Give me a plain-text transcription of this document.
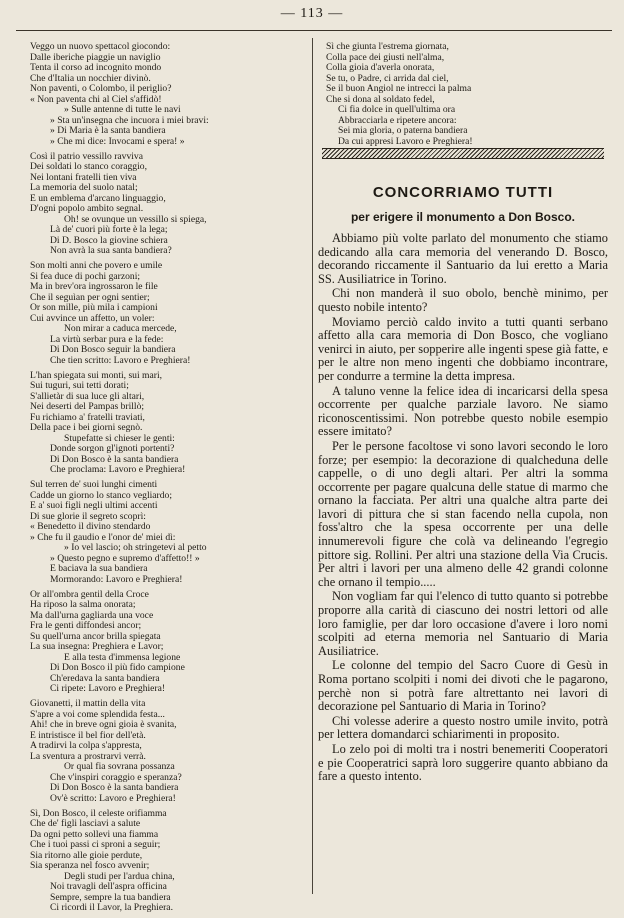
— 113 —
Veggo un nuovo spettacol giocondo:
Dalle iberiche piaggie un naviglio
Tenta il corso ad incognito mondo
Che d'Italia un nocchier divinò.
Non paventi, o Colombo, il periglio?
« Non paventa chi al Ciel s'affidò!
» Sulle antenne di tutte le navi
» Sta un'insegna che incuora i miei bravi:
» Di Maria è la santa bandiera
» Che mi dice: Invocami e spera! »
Così il patrio vessillo ravviva
Dei soldati lo stanco coraggio,
Nei lontani fratelli tien viva
La memoria del suolo natal;
È un emblema d'arcano linguaggio,
D'ogni popolo ambito segnal.
Oh! se ovunque un vessillo si spiega,
Là de' cuori più forte è la lega;
Di D. Bosco la giovine schiera
Non avrà la sua santa bandiera?
Son molti anni che povero e umile
Si fea duce di pochi garzoni;
Ma in brev'ora ingrossaron le file
Che il seguìan per ogni sentier;
Or son mille, più mila i campioni
Cui avvince un affetto, un voler:
Non mirar a caduca mercede,
La virtù serbar pura e la fede:
Di Don Bosco seguir la bandiera
Che tien scritto: Lavoro e Preghiera!
L'han spiegata sui monti, sui mari,
Sui tuguri, sui tetti dorati;
S'allietàr di sua luce gli altari,
Nei deserti del Pampas brillò;
Fu richiamo a' fratelli traviati,
Della pace i bei giorni segnò.
Stupefatte si chieser le genti:
Donde sorgon gl'ignoti portenti?
Di Don Bosco è la santa bandiera
Che proclama: Lavoro e Preghiera!
Sul terren de' suoi lunghi cimenti
Cadde un giorno lo stanco vegliardo;
E a' suoi figli negli ultimi accenti
Di sue glorie il segreto scoprì:
« Benedetto il divino stendardo
» Che fu il gaudio e l'onor de' miei dì:
» Io vel lascio; oh stringetevi al petto
» Questo pegno e supremo d'affetto!! »
E baciava la sua bandiera
Mormorando: Lavoro e Preghiera!
Or all'ombra gentil della Croce
Ha riposo la salma onorata;
Ma dall'urna gagliarda una voce
Fra le genti diffondesi ancor;
Su quell'urna ancor brilla spiegata
La sua insegna: Preghiera e Lavor;
E alla testa d'immensa legione
Di Don Bosco il più fido campione
Ch'eredava la santa bandiera
Ci ripete: Lavoro e Preghiera!
Giovanetti, il mattin della vita
S'apre a voi come splendida festa...
Ahi! che in breve ogni gioia è svanita,
E intristisce il bel fior dell'età.
A tradirvi la colpa s'appresta,
La sventura a prostrarvi verrà.
Or qual fia sovrana possanza
Che v'inspiri coraggio e speranza?
Di Don Bosco è la santa bandiera
Ov'è scritto: Lavoro e Preghiera!
Sì, Don Bosco, il celeste orifiamma
Che de' figli lasciavi a salute
Da ogni petto sollevi una fiamma
Che i tuoi passi ci sproni a seguir;
Sia ritorno alle gioie perdute,
Sia speranza nel fosco avvenir;
Degli studi per l'ardua china,
Noi travagli dell'aspra officina
Sempre, sempre la tua bandiera
Ci ricordi il Lavor, la Preghiera.
Sì che giunta l'estrema giornata,
Colla pace dei giusti nell'alma,
Colla gioia d'averla onorata,
Se tu, o Padre, ci arrida dal ciel,
Se il buon Angiol ne intrecci la palma
Che si dona al soldato fedel,
Ci fia dolce in quell'ultima ora
Abbracciarla e ripetere ancora:
Sei mia gloria, o paterna bandiera
Da cui appresi Lavoro e Preghiera!
CONCORRIAMO TUTTI
per erigere il monumento a Don Bosco.

Abbiamo più volte parlato del monumento che stiamo dedicando alla cara memoria del venerando D. Bosco, decorando riccamente il Santuario da lui eretto a Maria SS. Ausiliatrice in Torino.

Chi non manderà il suo obolo, benchè minimo, per questo nobile intento?

Moviamo perciò caldo invito a tutti quanti serbano affetto alla cara memoria di Don Bosco, che vogliano venirci in aiuto, per sopperire alle ingenti spese già fatte, e per le altre non meno ingenti che dobbiamo incontrare, per condurre a termine la detta impresa.

A taluno venne la felice idea di incaricarsi della spesa occorrente per qualche parziale lavoro. Ne siamo riconoscentissimi. Non potrebbe questo nobile esempio essere imitato?

Per le persone facoltose vi sono lavori secondo le loro forze; per esempio: la decorazione di qualcheduna delle cappelle, o di uno degli altari. Per altri la somma occorrente per pagare qualcuna delle statue di marmo che ornano la facciata. Per altri una qualche altra parte dei lavori di pittura che si stan facendo nella cupola, non foss'altro che la spesa occorrente per una delle innumerevoli figure che colà va delineando l'egregio pittore sig. Rollini. Per altri una stazione della Via Crucis. Per altri i lavori per una almeno delle 42 grandi colonne che ornano il tempio.....

Non vogliam far qui l'elenco di tutto quanto si potrebbe proporre alla carità di ciascuno dei nostri lettori od alle loro famiglie, per dar loro occasione d'avere i loro nomi scolpiti ad eterna memoria nel Santuario di Maria Ausiliatrice.

Le colonne del tempio del Sacro Cuore di Gesù in Roma portano scolpiti i nomi dei divoti che le pagarono, perchè non si potrà fare altrettanto nei lavori di decorazione pel Santuario di Maria in Torino?

Chi volesse aderire a questo nostro umile invito, potrà per lettera domandarci schiarimenti in proposito.

Lo zelo poi di molti tra i nostri benemeriti Cooperatori e pie Cooperatrici saprà loro suggerire quanto abbiano da fare a questo intento.
